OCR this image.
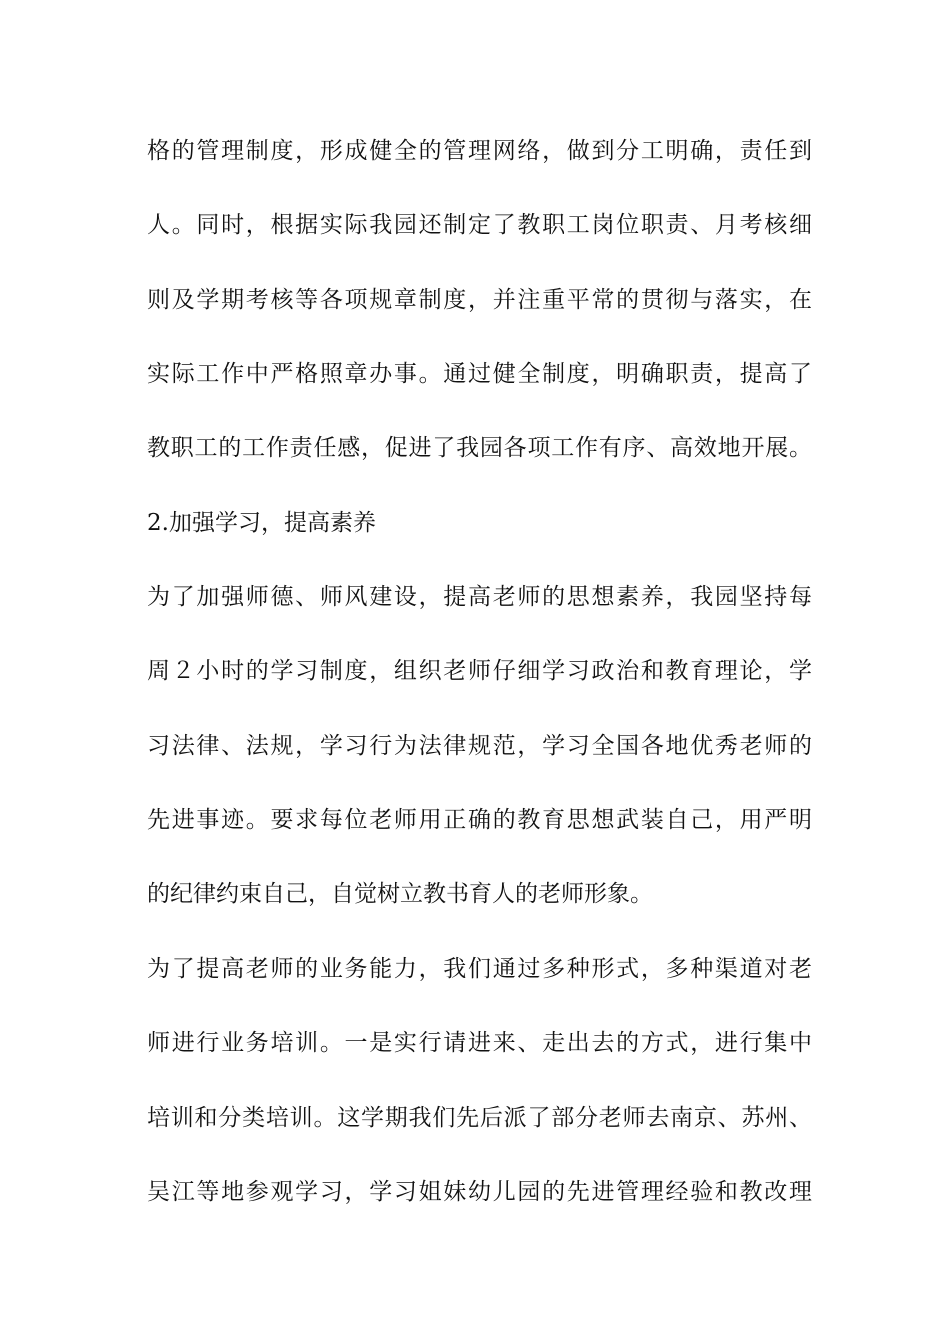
格的管理制度，形成健全的管理网络，做到分工明确，责任到
人。同时，根据实际我园还制定了教职工岗位职责、月考核细
则及学期考核等各项规章制度，并注重平常的贯彻与落实，在
实际工作中严格照章办事。通过健全制度，明确职责，提高了
教职工的工作责任感，促进了我园各项工作有序、高效地开展。
2.加强学习，提高素养
为了加强师德、师风建设，提高老师的思想素养，我园坚持每
周２小时的学习制度，组织老师仔细学习政治和教育理论，学
习法律、法规，学习行为法律规范，学习全国各地优秀老师的
先进事迹。要求每位老师用正确的教育思想武装自己，用严明
的纪律约束自己，自觉树立教书育人的老师形象。
为了提高老师的业务能力，我们通过多种形式，多种渠道对老
师进行业务培训。一是实行请进来、走出去的方式，进行集中
培训和分类培训。这学期我们先后派了部分老师去南京、苏州、
吴江等地参观学习，学习姐妹幼儿园的先进管理经验和教改理
